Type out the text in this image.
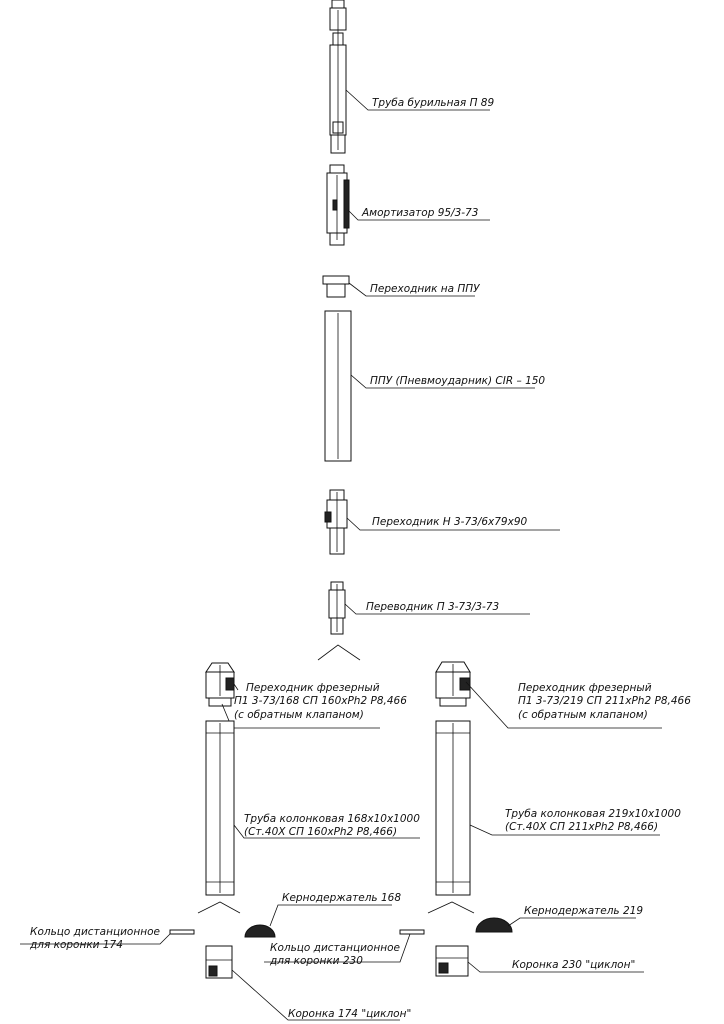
Труба бурильная П 89
Амортизатор 95/3-73
Переходник на ППУ
ППУ (Пневмоударник) CIR – 150
Переходник Н 3-73/6х79х90
Переводник П 3-73/3-73
Переходник фрезерный
П1 3-73/168 СП 160хPh2 Р8,466
(с обратным клапаном)
Труба колонковая 168х10х1000
(Ст.40Х СП 160хPh2 Р8,466)
Кольцо дистанционное
для коронки 174
Кернодержатель 168
Коронка 174 "циклон"
Переходник фрезерный
П1 3-73/219 СП 211хPh2 Р8,466
(с обратным клапаном)
Труба колонковая 219х10х1000
(Ст.40Х СП 211хPh2 Р8,466)
Кольцо дистанционное
для коронки 230
Кернодержатель 219
Коронка 230 "циклон"
